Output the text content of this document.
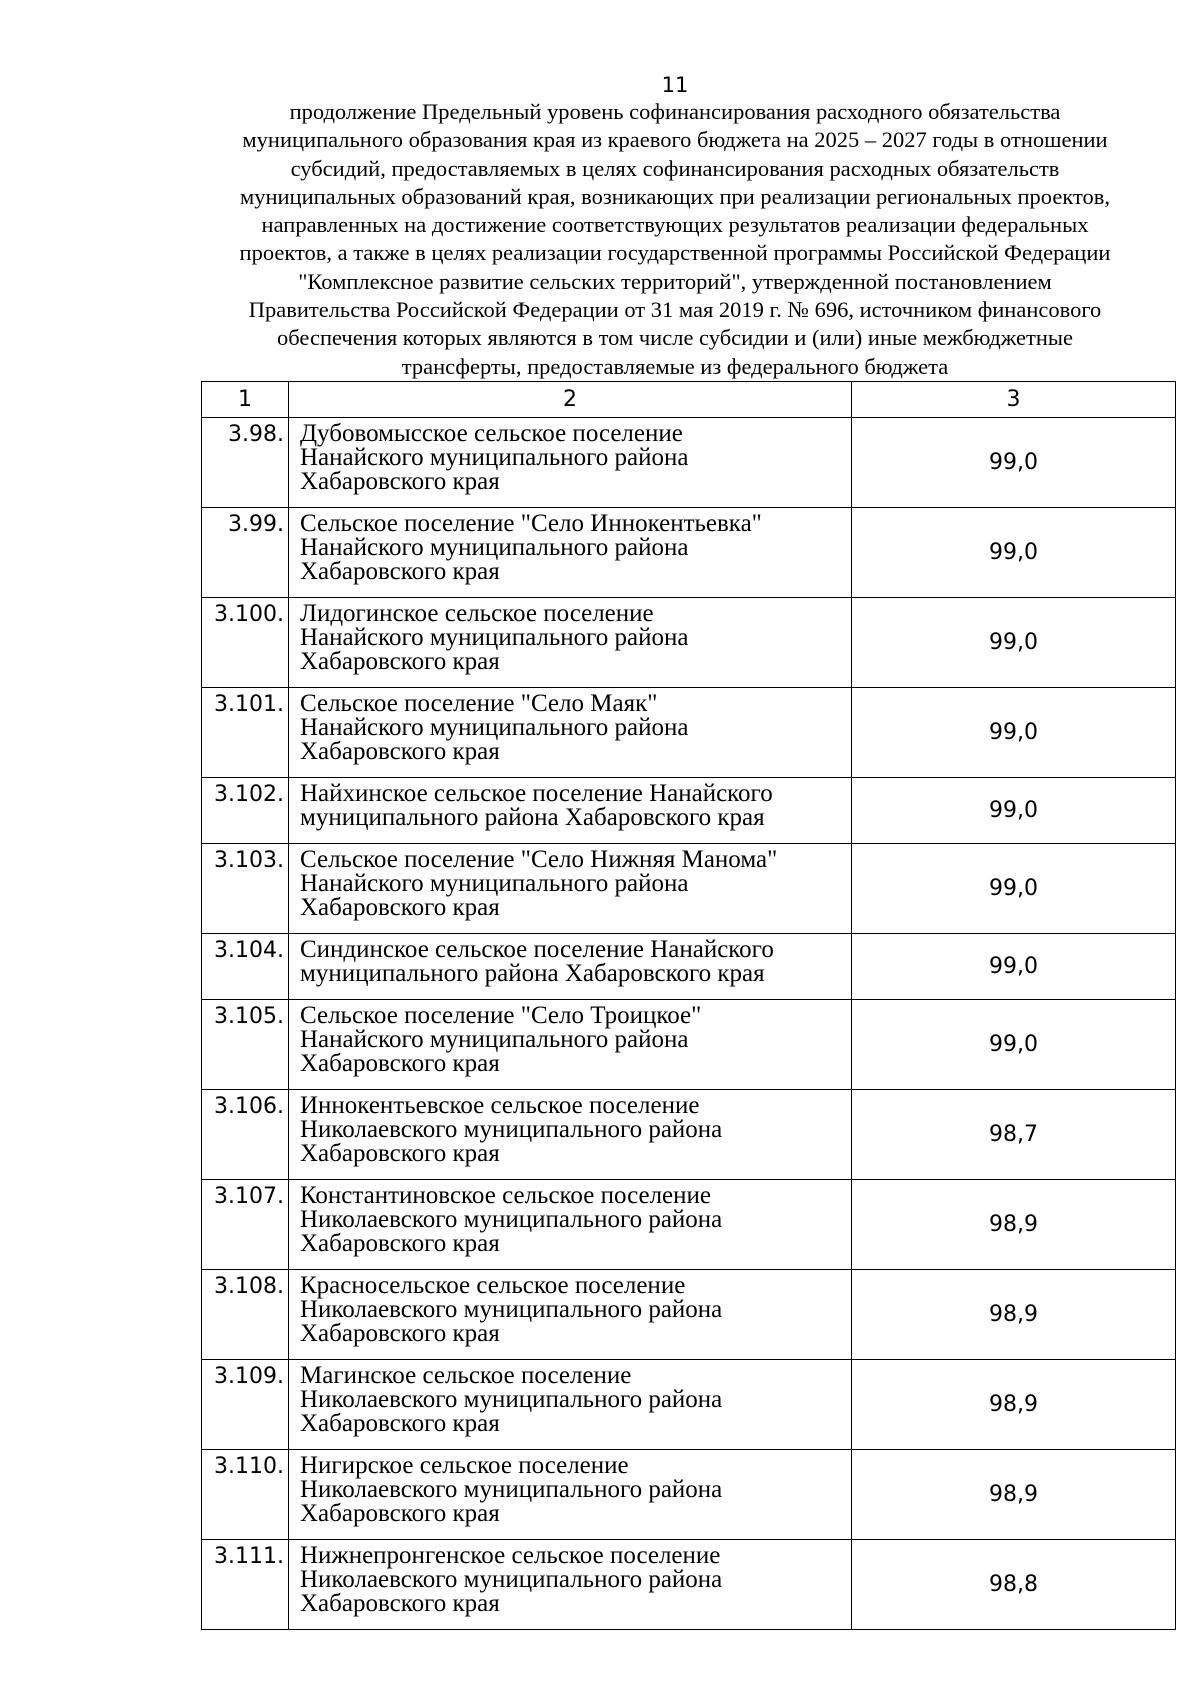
11
продолжение Предельный уровень софинансирования расходного обязательства
муниципального образования края из краевого бюджета на 2025 – 2027 годы в отношении
субсидий, предоставляемых в целях софинансирования расходных обязательств
муниципальных образований края, возникающих при реализации региональных проектов,
направленных на достижение соответствующих результатов реализации федеральных
проектов, а также в целях реализации государственной программы Российской Федерации
"Комплексное развитие сельских территорий", утвержденной постановлением
Правительства Российской Федерации от 31 мая 2019 г. № 696, источником финансового
обеспечения которых являются в том числе субсидии и (или) иные межбюджетные
трансферты, предоставляемые из федерального бюджета
1	2	3
3.98.	Дубовомысское сельское поселение
Нанайского муниципального района
Хабаровского края	99,0
3.99.	Сельское поселение "Село Иннокентьевка"
Нанайского муниципального района
Хабаровского края	99,0
3.100.	Лидогинское сельское поселение
Нанайского муниципального района
Хабаровского края	99,0
3.101.	Сельское поселение "Село Маяк"
Нанайского муниципального района
Хабаровского края	99,0
3.102.	Найхинское сельское поселение Нанайского
муниципального района Хабаровского края	99,0
3.103.	Сельское поселение "Село Нижняя Манома"
Нанайского муниципального района
Хабаровского края	99,0
3.104.	Синдинское сельское поселение Нанайского
муниципального района Хабаровского края	99,0
3.105.	Сельское поселение "Село Троицкое"
Нанайского муниципального района
Хабаровского края	99,0
3.106.	Иннокентьевское сельское поселение
Николаевского муниципального района
Хабаровского края	98,7
3.107.	Константиновское сельское поселение
Николаевского муниципального района
Хабаровского края	98,9
3.108.	Красносельское сельское поселение
Николаевского муниципального района
Хабаровского края	98,9
3.109.	Магинское сельское поселение
Николаевского муниципального района
Хабаровского края	98,9
3.110.	Нигирское сельское поселение
Николаевского муниципального района
Хабаровского края	98,9
3.111.	Нижнепронгенское сельское поселение
Николаевского муниципального района
Хабаровского края	98,8
